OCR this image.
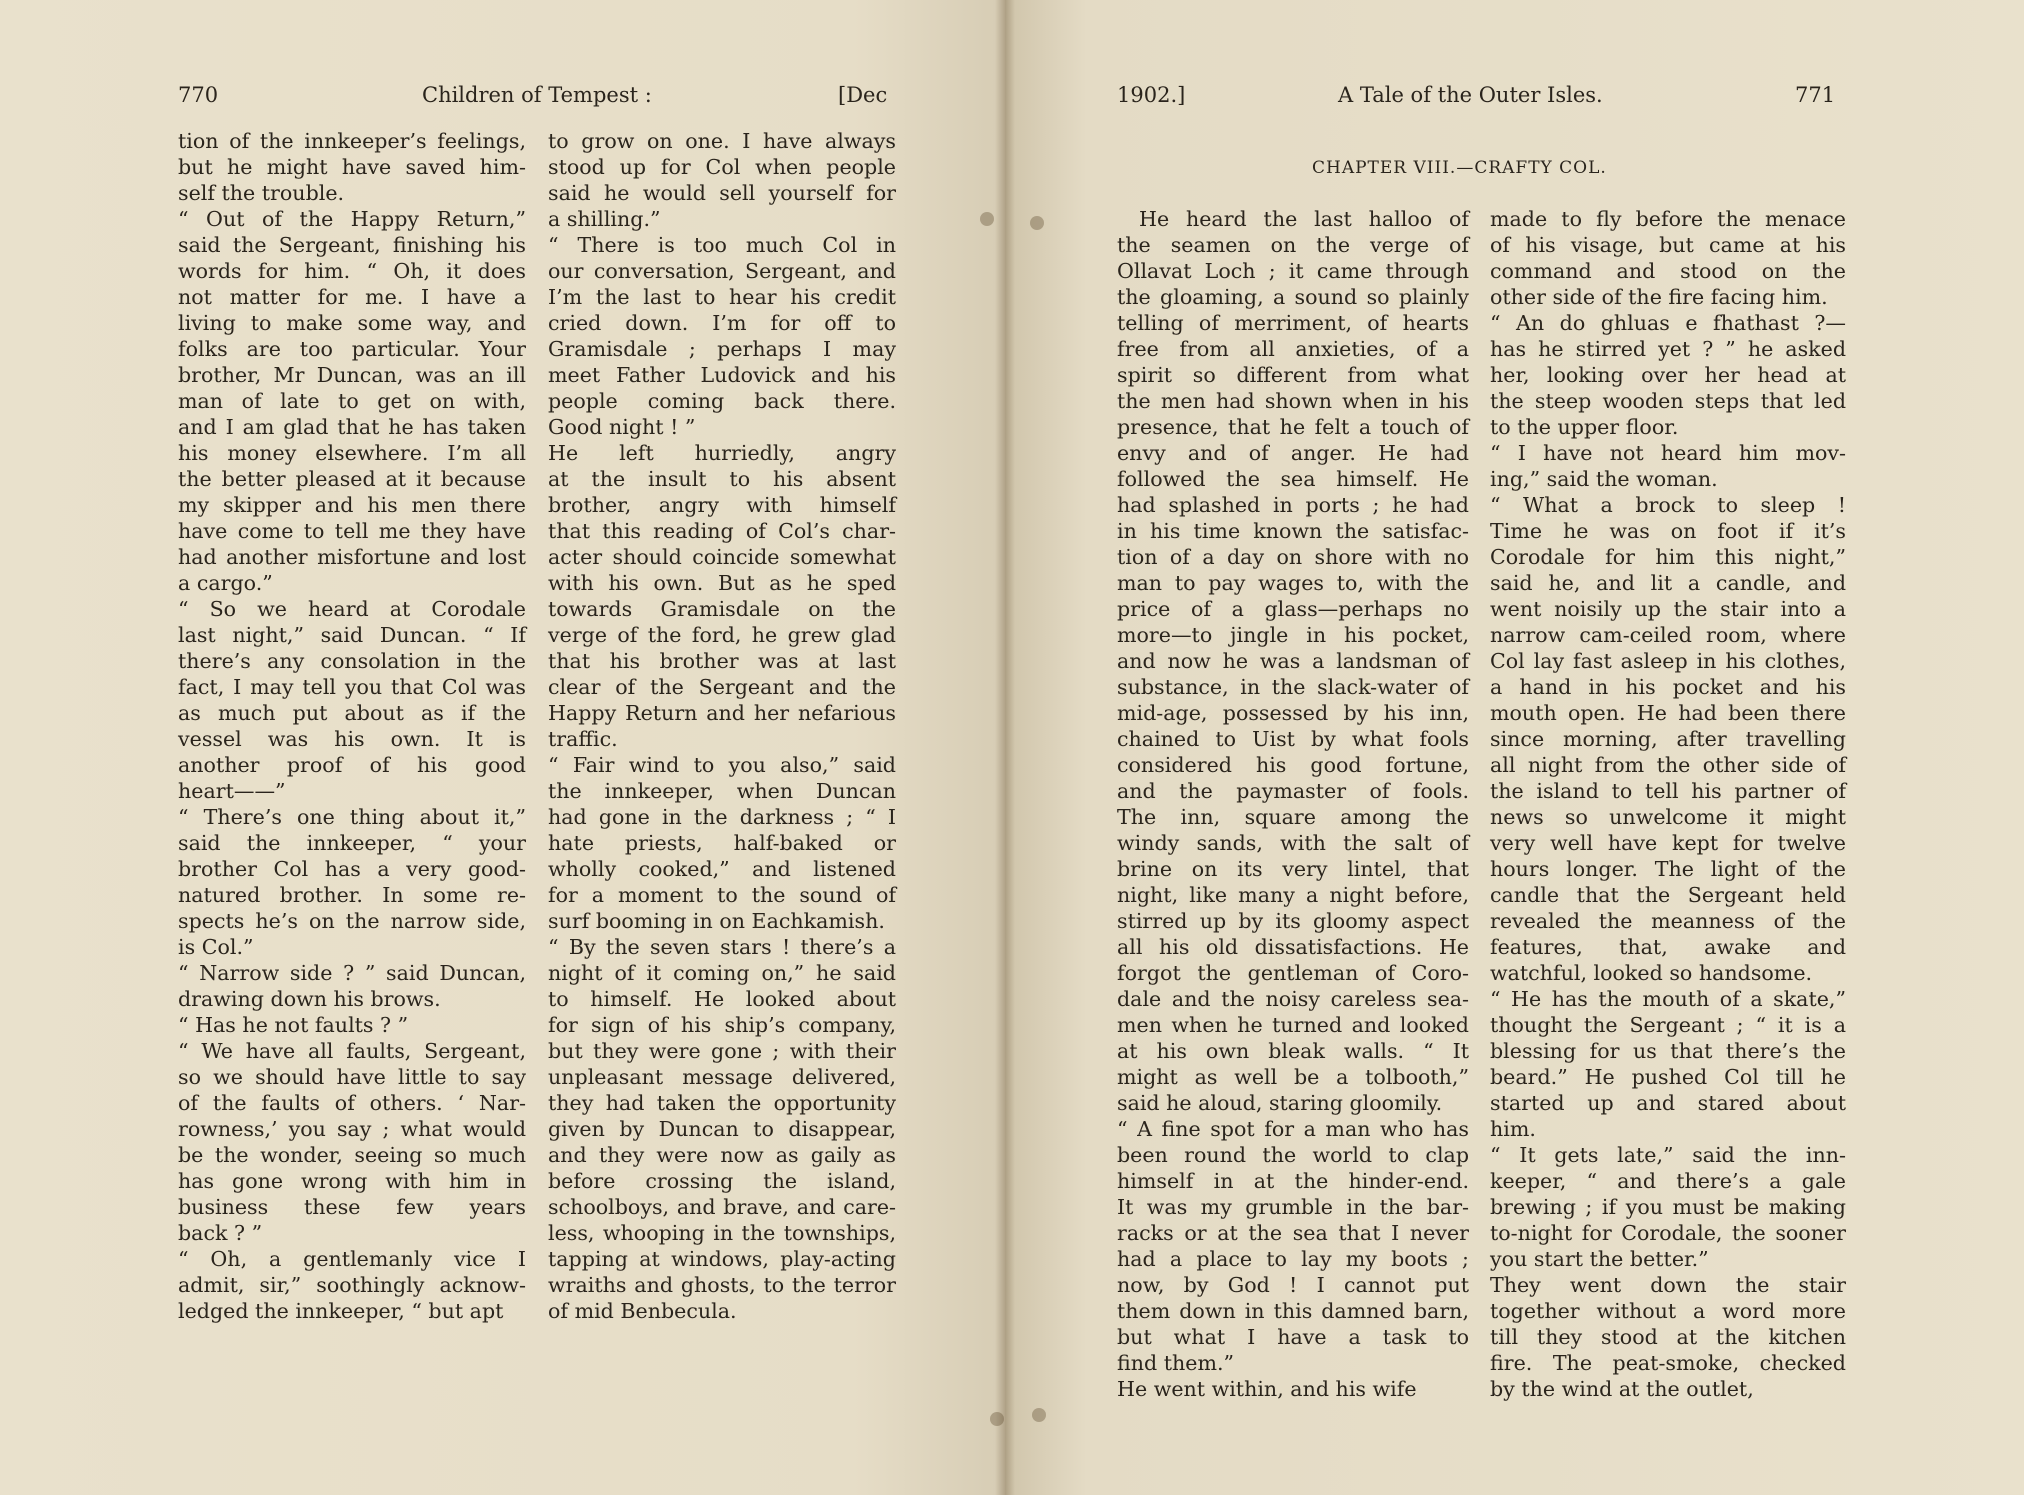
770	Children of Tempest :	[Dec	1902.]	A Tale of the Outer Isles.	771
CHAPTER VIII.—CRAFTY COL.
tion of the innkeeper’s feelings,
but he might have saved him-
self the trouble.
“ Out of the Happy Return,”
said the Sergeant, finishing his
words for him. “ Oh, it does
not matter for me. I have a
living to make some way, and
folks are too particular. Your
brother, Mr Duncan, was an ill
man of late to get on with,
and I am glad that he has taken
his money elsewhere. I’m all
the better pleased at it because
my skipper and his men there
have come to tell me they have
had another misfortune and lost
a cargo.”
“ So we heard at Corodale
last night,” said Duncan. “ If
there’s any consolation in the
fact, I may tell you that Col was
as much put about as if the
vessel was his own. It is
another proof of his good
heart——”
“ There’s one thing about it,”
said the innkeeper, “ your
brother Col has a very good-
natured brother. In some re-
spects he’s on the narrow side,
is Col.”
“ Narrow side ? ” said Duncan,
drawing down his brows.
“ Has he not faults ? ”
“ We have all faults, Sergeant,
so we should have little to say
of the faults of others. ‘ Nar-
rowness,’ you say ; what would
be the wonder, seeing so much
has gone wrong with him in
business these few years
back ? ”
“ Oh, a gentlemanly vice I
admit, sir,” soothingly acknow-
ledged the innkeeper, “ but apt
to grow on one. I have always
stood up for Col when people
said he would sell yourself for
a shilling.”
“ There is too much Col in
our conversation, Sergeant, and
I’m the last to hear his credit
cried down. I’m for off to
Gramisdale ; perhaps I may
meet Father Ludovick and his
people coming back there.
Good night ! ”
He left hurriedly, angry
at the insult to his absent
brother, angry with himself
that this reading of Col’s char-
acter should coincide somewhat
with his own. But as he sped
towards Gramisdale on the
verge of the ford, he grew glad
that his brother was at last
clear of the Sergeant and the
Happy Return and her nefarious
traffic.
“ Fair wind to you also,” said
the innkeeper, when Duncan
had gone in the darkness ; “ I
hate priests, half-baked or
wholly cooked,” and listened
for a moment to the sound of
surf booming in on Eachkamish.
“ By the seven stars ! there’s a
night of it coming on,” he said
to himself. He looked about
for sign of his ship’s company,
but they were gone ; with their
unpleasant message delivered,
they had taken the opportunity
given by Duncan to disappear,
and they were now as gaily as
before crossing the island,
schoolboys, and brave, and care-
less, whooping in the townships,
tapping at windows, play-acting
wraiths and ghosts, to the terror
of mid Benbecula.
He heard the last halloo of
the seamen on the verge of
Ollavat Loch ; it came through
the gloaming, a sound so plainly
telling of merriment, of hearts
free from all anxieties, of a
spirit so different from what
the men had shown when in his
presence, that he felt a touch of
envy and of anger. He had
followed the sea himself. He
had splashed in ports ; he had
in his time known the satisfac-
tion of a day on shore with no
man to pay wages to, with the
price of a glass—perhaps no
more—to jingle in his pocket,
and now he was a landsman of
substance, in the slack-water of
mid-age, possessed by his inn,
chained to Uist by what fools
considered his good fortune,
and the paymaster of fools.
The inn, square among the
windy sands, with the salt of
brine on its very lintel, that
night, like many a night before,
stirred up by its gloomy aspect
all his old dissatisfactions. He
forgot the gentleman of Coro-
dale and the noisy careless sea-
men when he turned and looked
at his own bleak walls. “ It
might as well be a tolbooth,”
said he aloud, staring gloomily.
“ A fine spot for a man who has
been round the world to clap
himself in at the hinder-end.
It was my grumble in the bar-
racks or at the sea that I never
had a place to lay my boots ;
now, by God ! I cannot put
them down in this damned barn,
but what I have a task to
find them.”
He went within, and his wife
made to fly before the menace
of his visage, but came at his
command and stood on the
other side of the fire facing him.
“ An do ghluas e fhathast ?—
has he stirred yet ? ” he asked
her, looking over her head at
the steep wooden steps that led
to the upper floor.
“ I have not heard him mov-
ing,” said the woman.
“ What a brock to sleep !
Time he was on foot if it’s
Corodale for him this night,”
said he, and lit a candle, and
went noisily up the stair into a
narrow cam-ceiled room, where
Col lay fast asleep in his clothes,
a hand in his pocket and his
mouth open. He had been there
since morning, after travelling
all night from the other side of
the island to tell his partner of
news so unwelcome it might
very well have kept for twelve
hours longer. The light of the
candle that the Sergeant held
revealed the meanness of the
features, that, awake and
watchful, looked so handsome.
“ He has the mouth of a skate,”
thought the Sergeant ; “ it is a
blessing for us that there’s the
beard.” He pushed Col till he
started up and stared about
him.
“ It gets late,” said the inn-
keeper, “ and there’s a gale
brewing ; if you must be making
to-night for Corodale, the sooner
you start the better.”
They went down the stair
together without a word more
till they stood at the kitchen
fire. The peat-smoke, checked
by the wind at the outlet,
